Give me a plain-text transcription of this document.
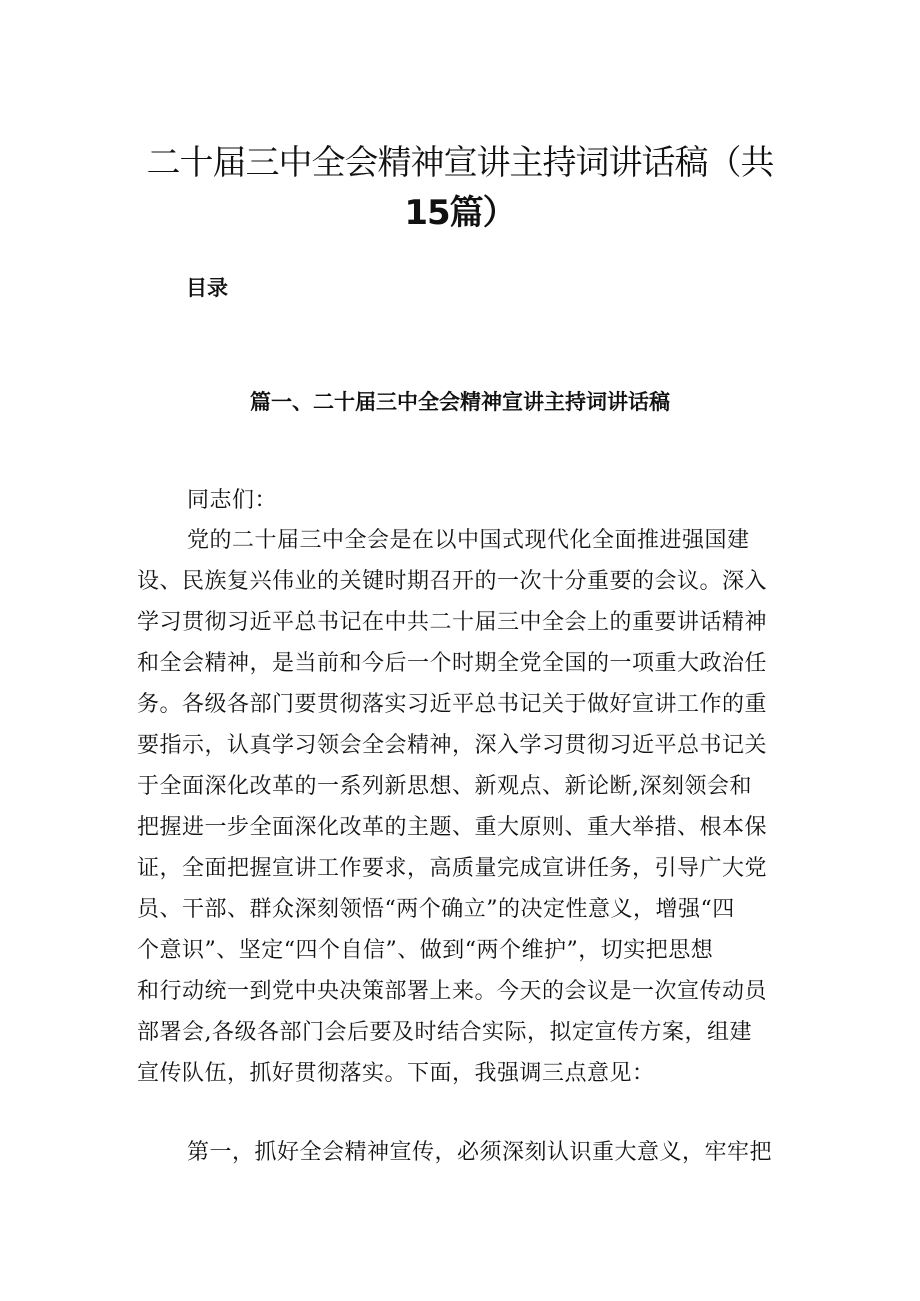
二十届三中全会精神宣讲主持词讲话稿（共
15篇）
目录
篇一、二十届三中全会精神宣讲主持词讲话稿

同志们：

党的二十届三中全会是在以中国式现代化全面推进强国建
设、民族复兴伟业的关键时期召开的一次十分重要的会议。深入
学习贯彻习近平总书记在中共二十届三中全会上的重要讲话精神
和全会精神，是当前和今后一个时期全党全国的一项重大政治任
务。各级各部门要贯彻落实习近平总书记关于做好宣讲工作的重
要指示，认真学习领会全会精神，深入学习贯彻习近平总书记关
于全面深化改革的一系列新思想、新观点、新论断,深刻领会和
把握进一步全面深化改革的主题、重大原则、重大举措、根本保
证，全面把握宣讲工作要求，高质量完成宣讲任务，引导广大党
员、干部、群众深刻领悟“两个确立”的决定性意义，增强“四
个意识”、坚定“四个自信”、做到“两个维护”，切实把思想
和行动统一到党中央决策部署上来。今天的会议是一次宣传动员
部署会,各级各部门会后要及时结合实际，拟定宣传方案，组建
宣传队伍，抓好贯彻落实。下面，我强调三点意见：
第一，抓好全会精神宣传，必须深刻认识重大意义，牢牢把
